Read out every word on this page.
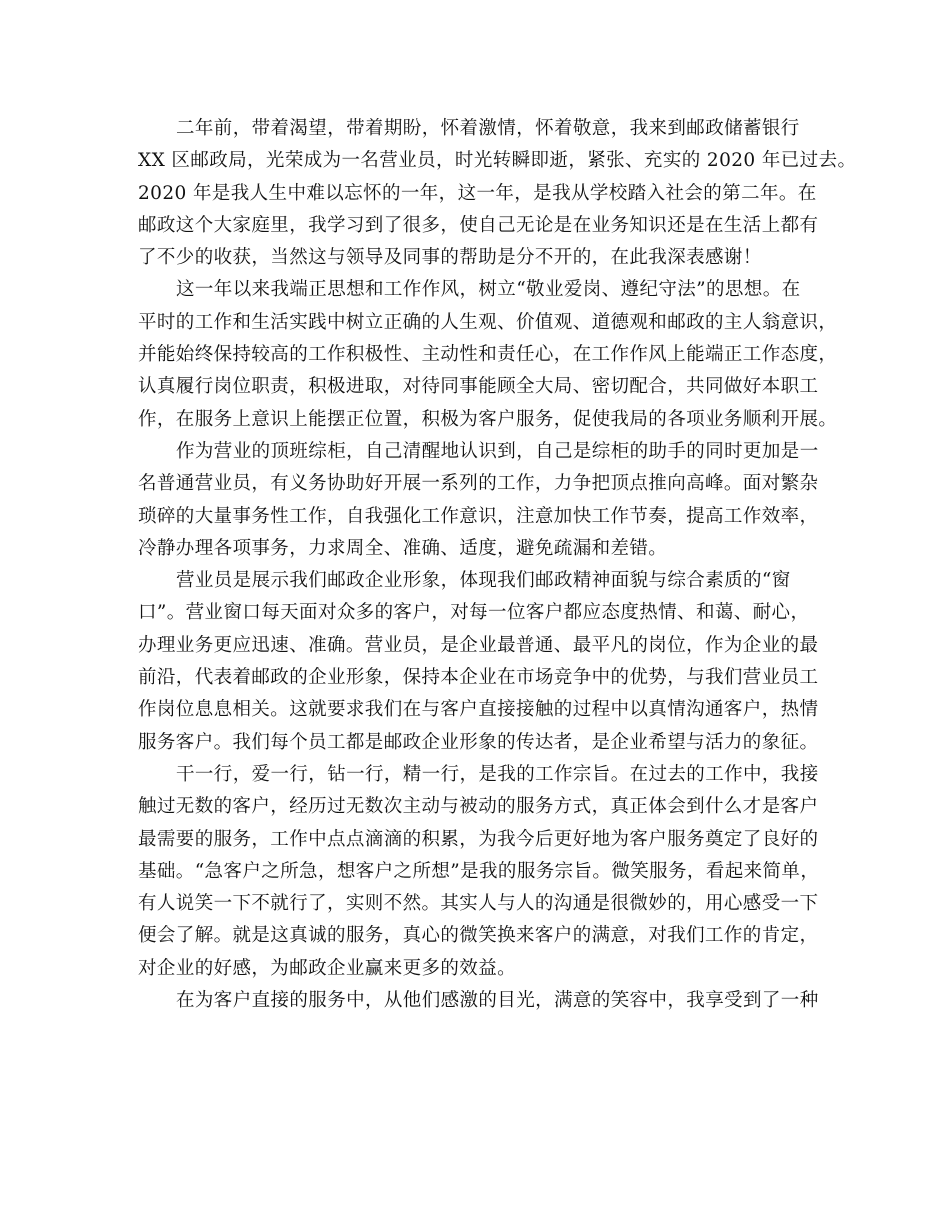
二年前，带着渴望，带着期盼，怀着激情，怀着敬意，我来到邮政储蓄银行
XX 区邮政局，光荣成为一名营业员，时光转瞬即逝，紧张、充实的 2020 年已过去。
2020 年是我人生中难以忘怀的一年，这一年，是我从学校踏入社会的第二年。在
邮政这个大家庭里，我学习到了很多，使自己无论是在业务知识还是在生活上都有
了不少的收获，当然这与领导及同事的帮助是分不开的，在此我深表感谢！
这一年以来我端正思想和工作作风，树立“敬业爱岗、遵纪守法”的思想。在
平时的工作和生活实践中树立正确的人生观、价值观、道德观和邮政的主人翁意识，
并能始终保持较高的工作积极性、主动性和责任心，在工作作风上能端正工作态度，
认真履行岗位职责，积极进取，对待同事能顾全大局、密切配合，共同做好本职工
作，在服务上意识上能摆正位置，积极为客户服务，促使我局的各项业务顺利开展。
作为营业的顶班综柜，自己清醒地认识到，自己是综柜的助手的同时更加是一
名普通营业员，有义务协助好开展一系列的工作，力争把顶点推向高峰。面对繁杂
琐碎的大量事务性工作，自我强化工作意识，注意加快工作节奏，提高工作效率，
冷静办理各项事务，力求周全、准确、适度，避免疏漏和差错。
营业员是展示我们邮政企业形象，体现我们邮政精神面貌与综合素质的“窗
口”。营业窗口每天面对众多的客户，对每一位客户都应态度热情、和蔼、耐心，
办理业务更应迅速、准确。营业员，是企业最普通、最平凡的岗位，作为企业的最
前沿，代表着邮政的企业形象，保持本企业在市场竞争中的优势，与我们营业员工
作岗位息息相关。这就要求我们在与客户直接接触的过程中以真情沟通客户，热情
服务客户。我们每个员工都是邮政企业形象的传达者，是企业希望与活力的象征。
干一行，爱一行，钻一行，精一行，是我的工作宗旨。在过去的工作中，我接
触过无数的客户，经历过无数次主动与被动的服务方式，真正体会到什么才是客户
最需要的服务，工作中点点滴滴的积累，为我今后更好地为客户服务奠定了良好的
基础。“急客户之所急，想客户之所想”是我的服务宗旨。微笑服务，看起来简单，
有人说笑一下不就行了，实则不然。其实人与人的沟通是很微妙的，用心感受一下
便会了解。就是这真诚的服务，真心的微笑换来客户的满意，对我们工作的肯定，
对企业的好感，为邮政企业赢来更多的效益。
在为客户直接的服务中，从他们感激的目光，满意的笑容中，我享受到了一种
